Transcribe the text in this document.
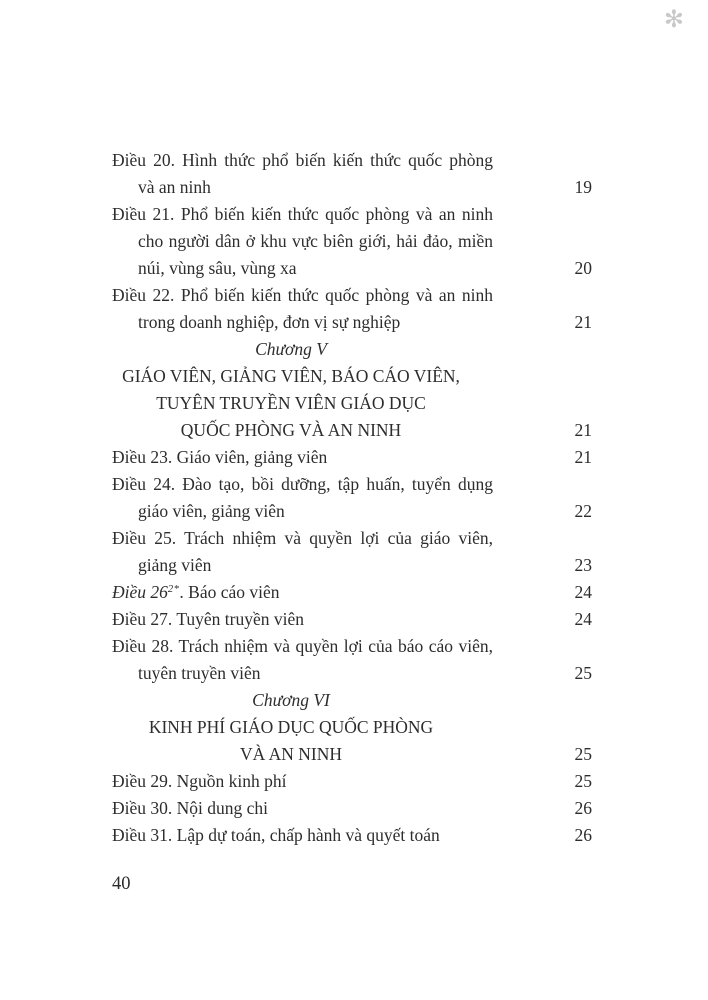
✻
Điều 20. Hình thức phổ biến kiến thức quốc phòng
và an ninh	19
Điều 21. Phổ biến kiến thức quốc phòng và an ninh
cho người dân ở khu vực biên giới, hải đảo, miền
núi, vùng sâu, vùng xa	20
Điều 22. Phổ biến kiến thức quốc phòng và an ninh
trong doanh nghiệp, đơn vị sự nghiệp	21
Chương V
GIÁO VIÊN, GIẢNG VIÊN, BÁO CÁO VIÊN,
TUYÊN TRUYỀN VIÊN GIÁO DỤC
QUỐC PHÒNG VÀ AN NINH	21
Điều 23. Giáo viên, giảng viên	21
Điều 24. Đào tạo, bồi dưỡng, tập huấn, tuyển dụng
giáo viên, giảng viên	22
Điều 25. Trách nhiệm và quyền lợi của giáo viên,
giảng viên	23
Điều 26$^{2*}$. Báo cáo viên	24
Điều 27. Tuyên truyền viên	24
Điều 28. Trách nhiệm và quyền lợi của báo cáo viên,
tuyên truyền viên	25
Chương VI
KINH PHÍ GIÁO DỤC QUỐC PHÒNG
VÀ AN NINH	25
Điều 29. Nguồn kinh phí	25
Điều 30. Nội dung chi	26
Điều 31. Lập dự toán, chấp hành và quyết toán	26
40
